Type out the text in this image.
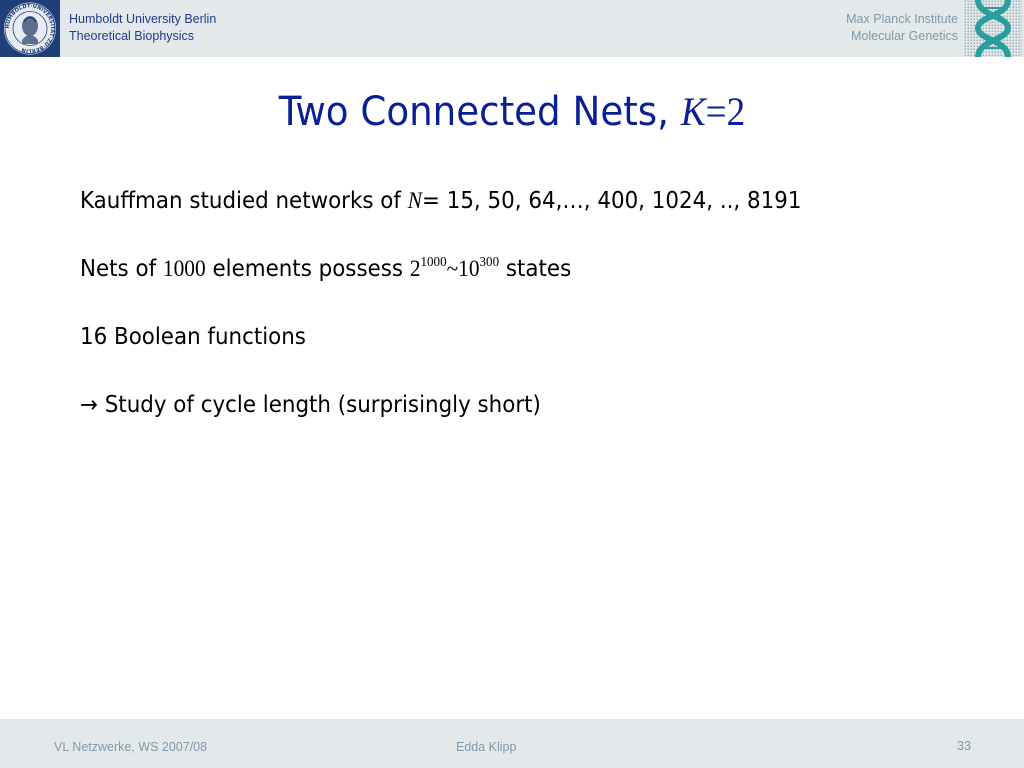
HUMBOLDT·UNIVERSITÄT·ZU·BERLIN
Humboldt University Berlin
Theoretical Biophysics
Max Planck Institute
Molecular Genetics
Two Connected Nets, K=2
Kauffman studied networks of N= 15, 50, 64,…, 400, 1024, .., 8191
Nets of 1000 elements possess $2^{1000}\sim 10^{300}$ states
16 Boolean functions
→ Study of cycle length (surprisingly short)
VL Netzwerke, WS 2007/08	Edda Klipp	33
